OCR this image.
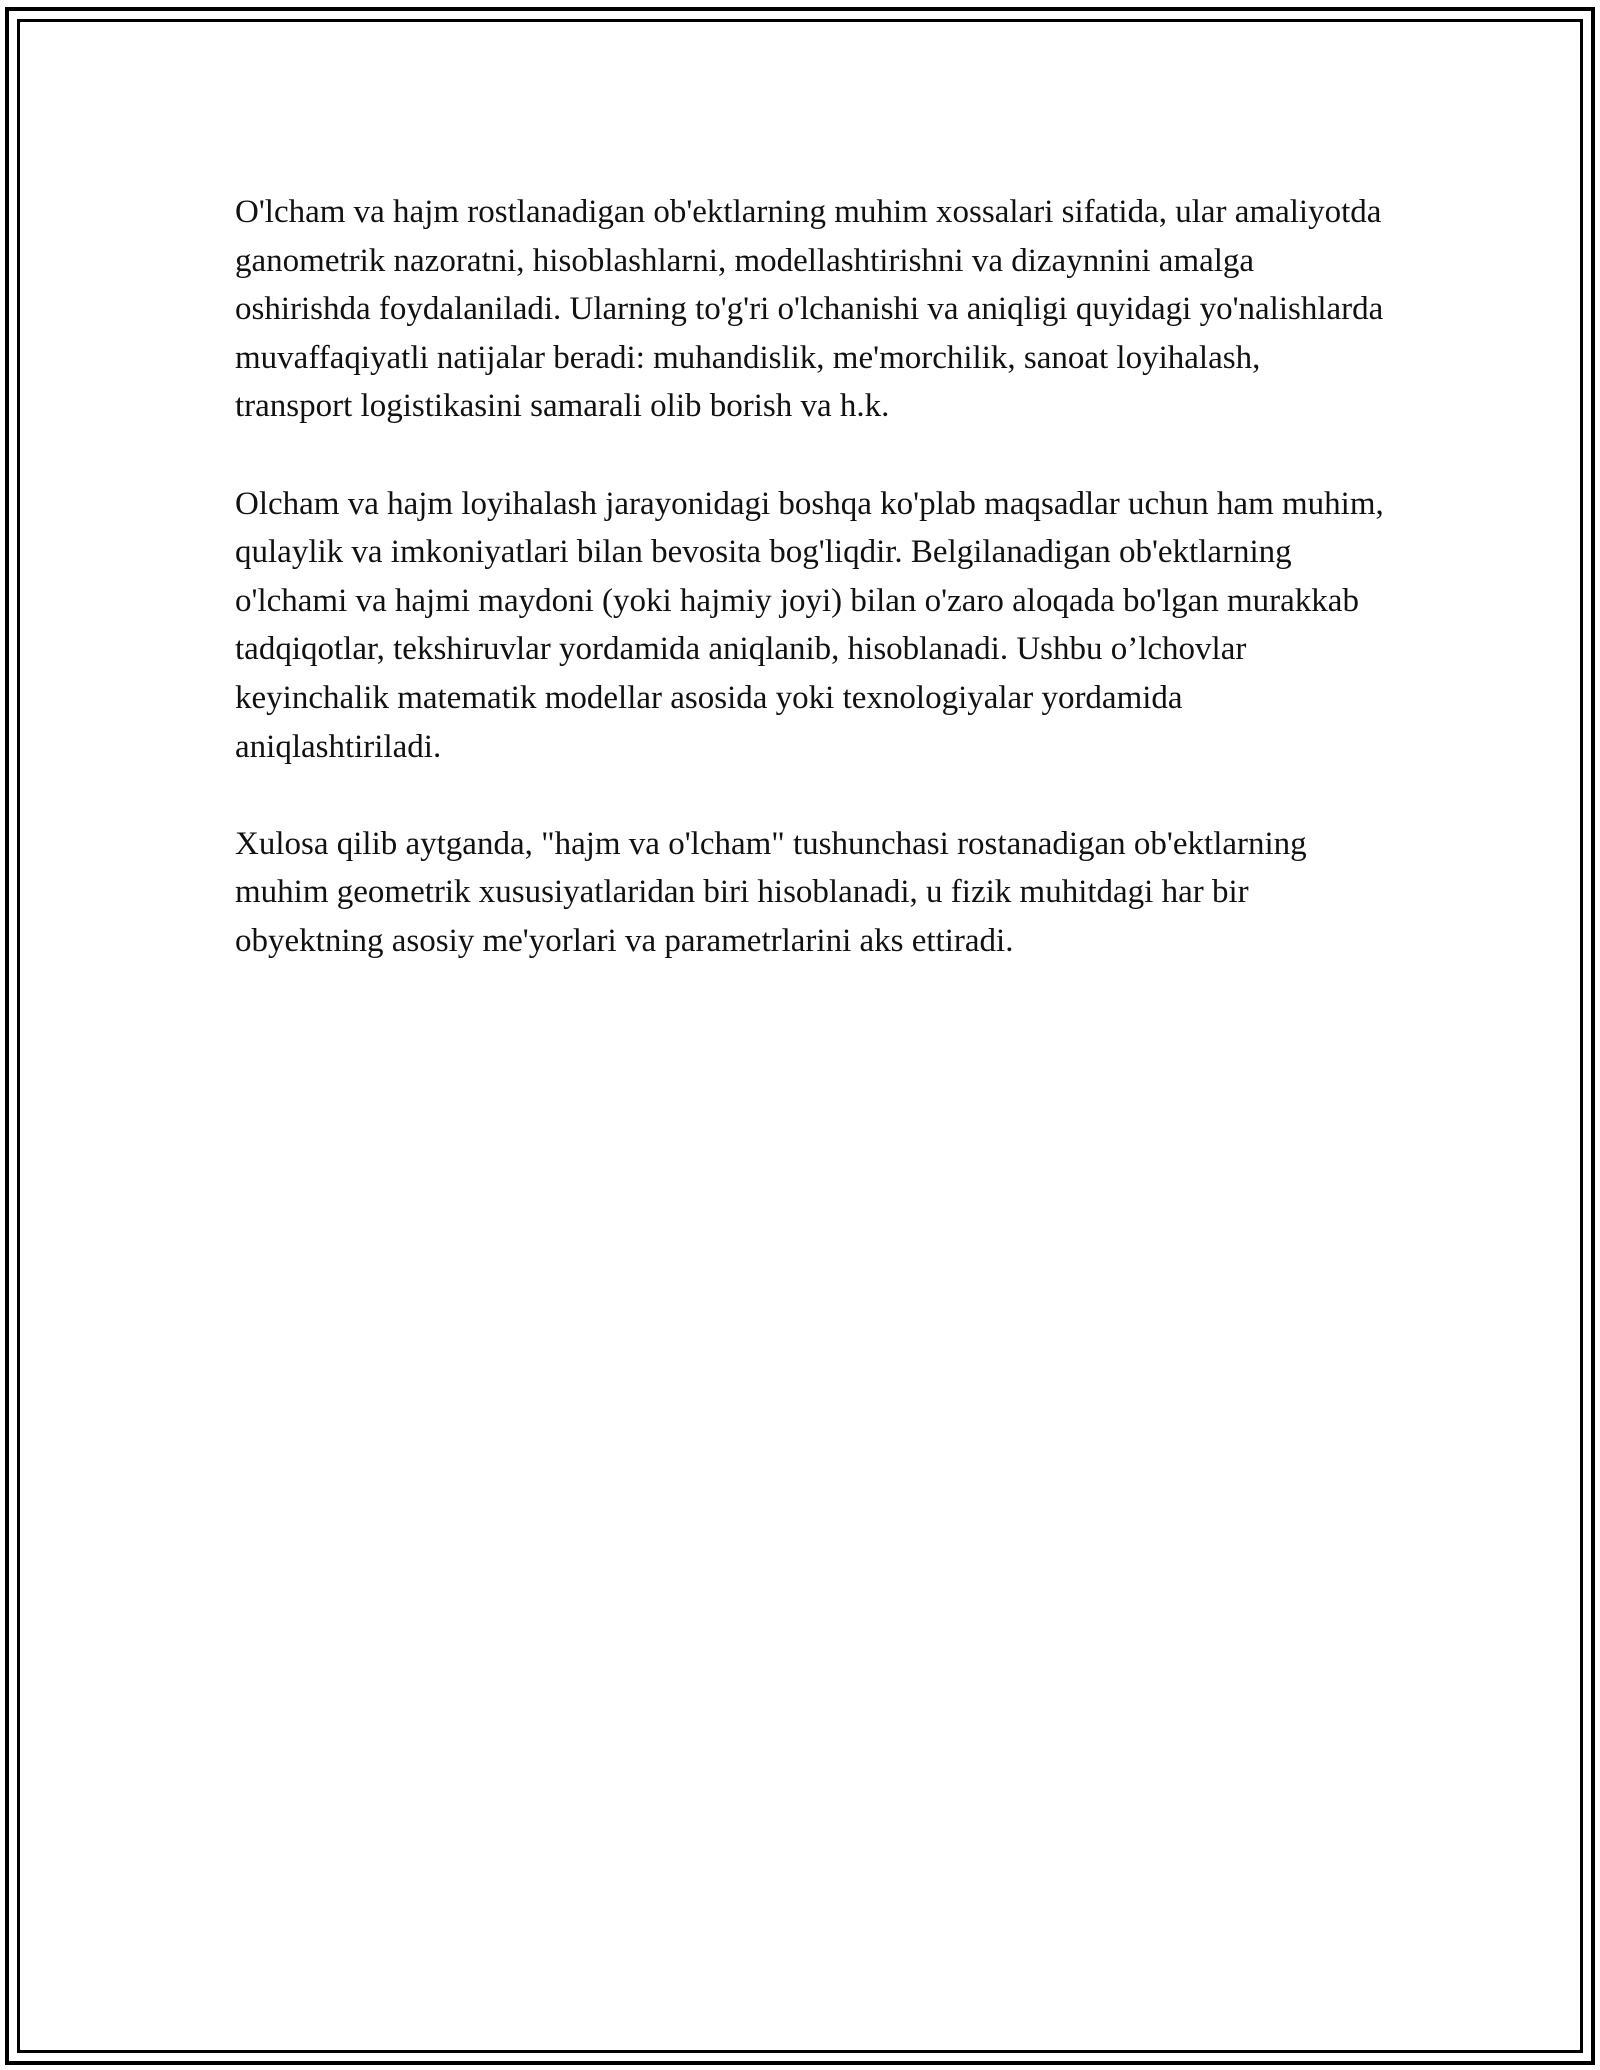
O'lcham va hajm rostlanadigan ob'ektlarning muhim xossalari sifatida, ular amaliyotda ganometrik nazoratni, hisoblashlarni, modellashtirishni va dizaynnini amalga oshirishda foydalaniladi. Ularning to'g'ri o'lchanishi va aniqligi quyidagi yo'nalishlarda muvaffaqiyatli natijalar beradi: muhandislik, me'morchilik, sanoat loyihalash, transport logistikasini samarali olib borish va h.k.

Olcham va hajm loyihalash jarayonidagi boshqa ko'plab maqsadlar uchun ham muhim, qulaylik va imkoniyatlari bilan bevosita bog'liqdir. Belgilanadigan ob'ektlarning o'lchami va hajmi maydoni (yoki hajmiy joyi) bilan o'zaro aloqada bo'lgan murakkab tadqiqotlar, tekshiruvlar yordamida aniqlanib, hisoblanadi. Ushbu o’lchovlar keyinchalik matematik modellar asosida yoki texnologiyalar yordamida aniqlashtiriladi.

Xulosa qilib aytganda, "hajm va o'lcham" tushunchasi rostanadigan ob'ektlarning muhim geometrik xususiyatlaridan biri hisoblanadi, u fizik muhitdagi har bir obyektning asosiy me'yorlari va parametrlarini aks ettiradi.
